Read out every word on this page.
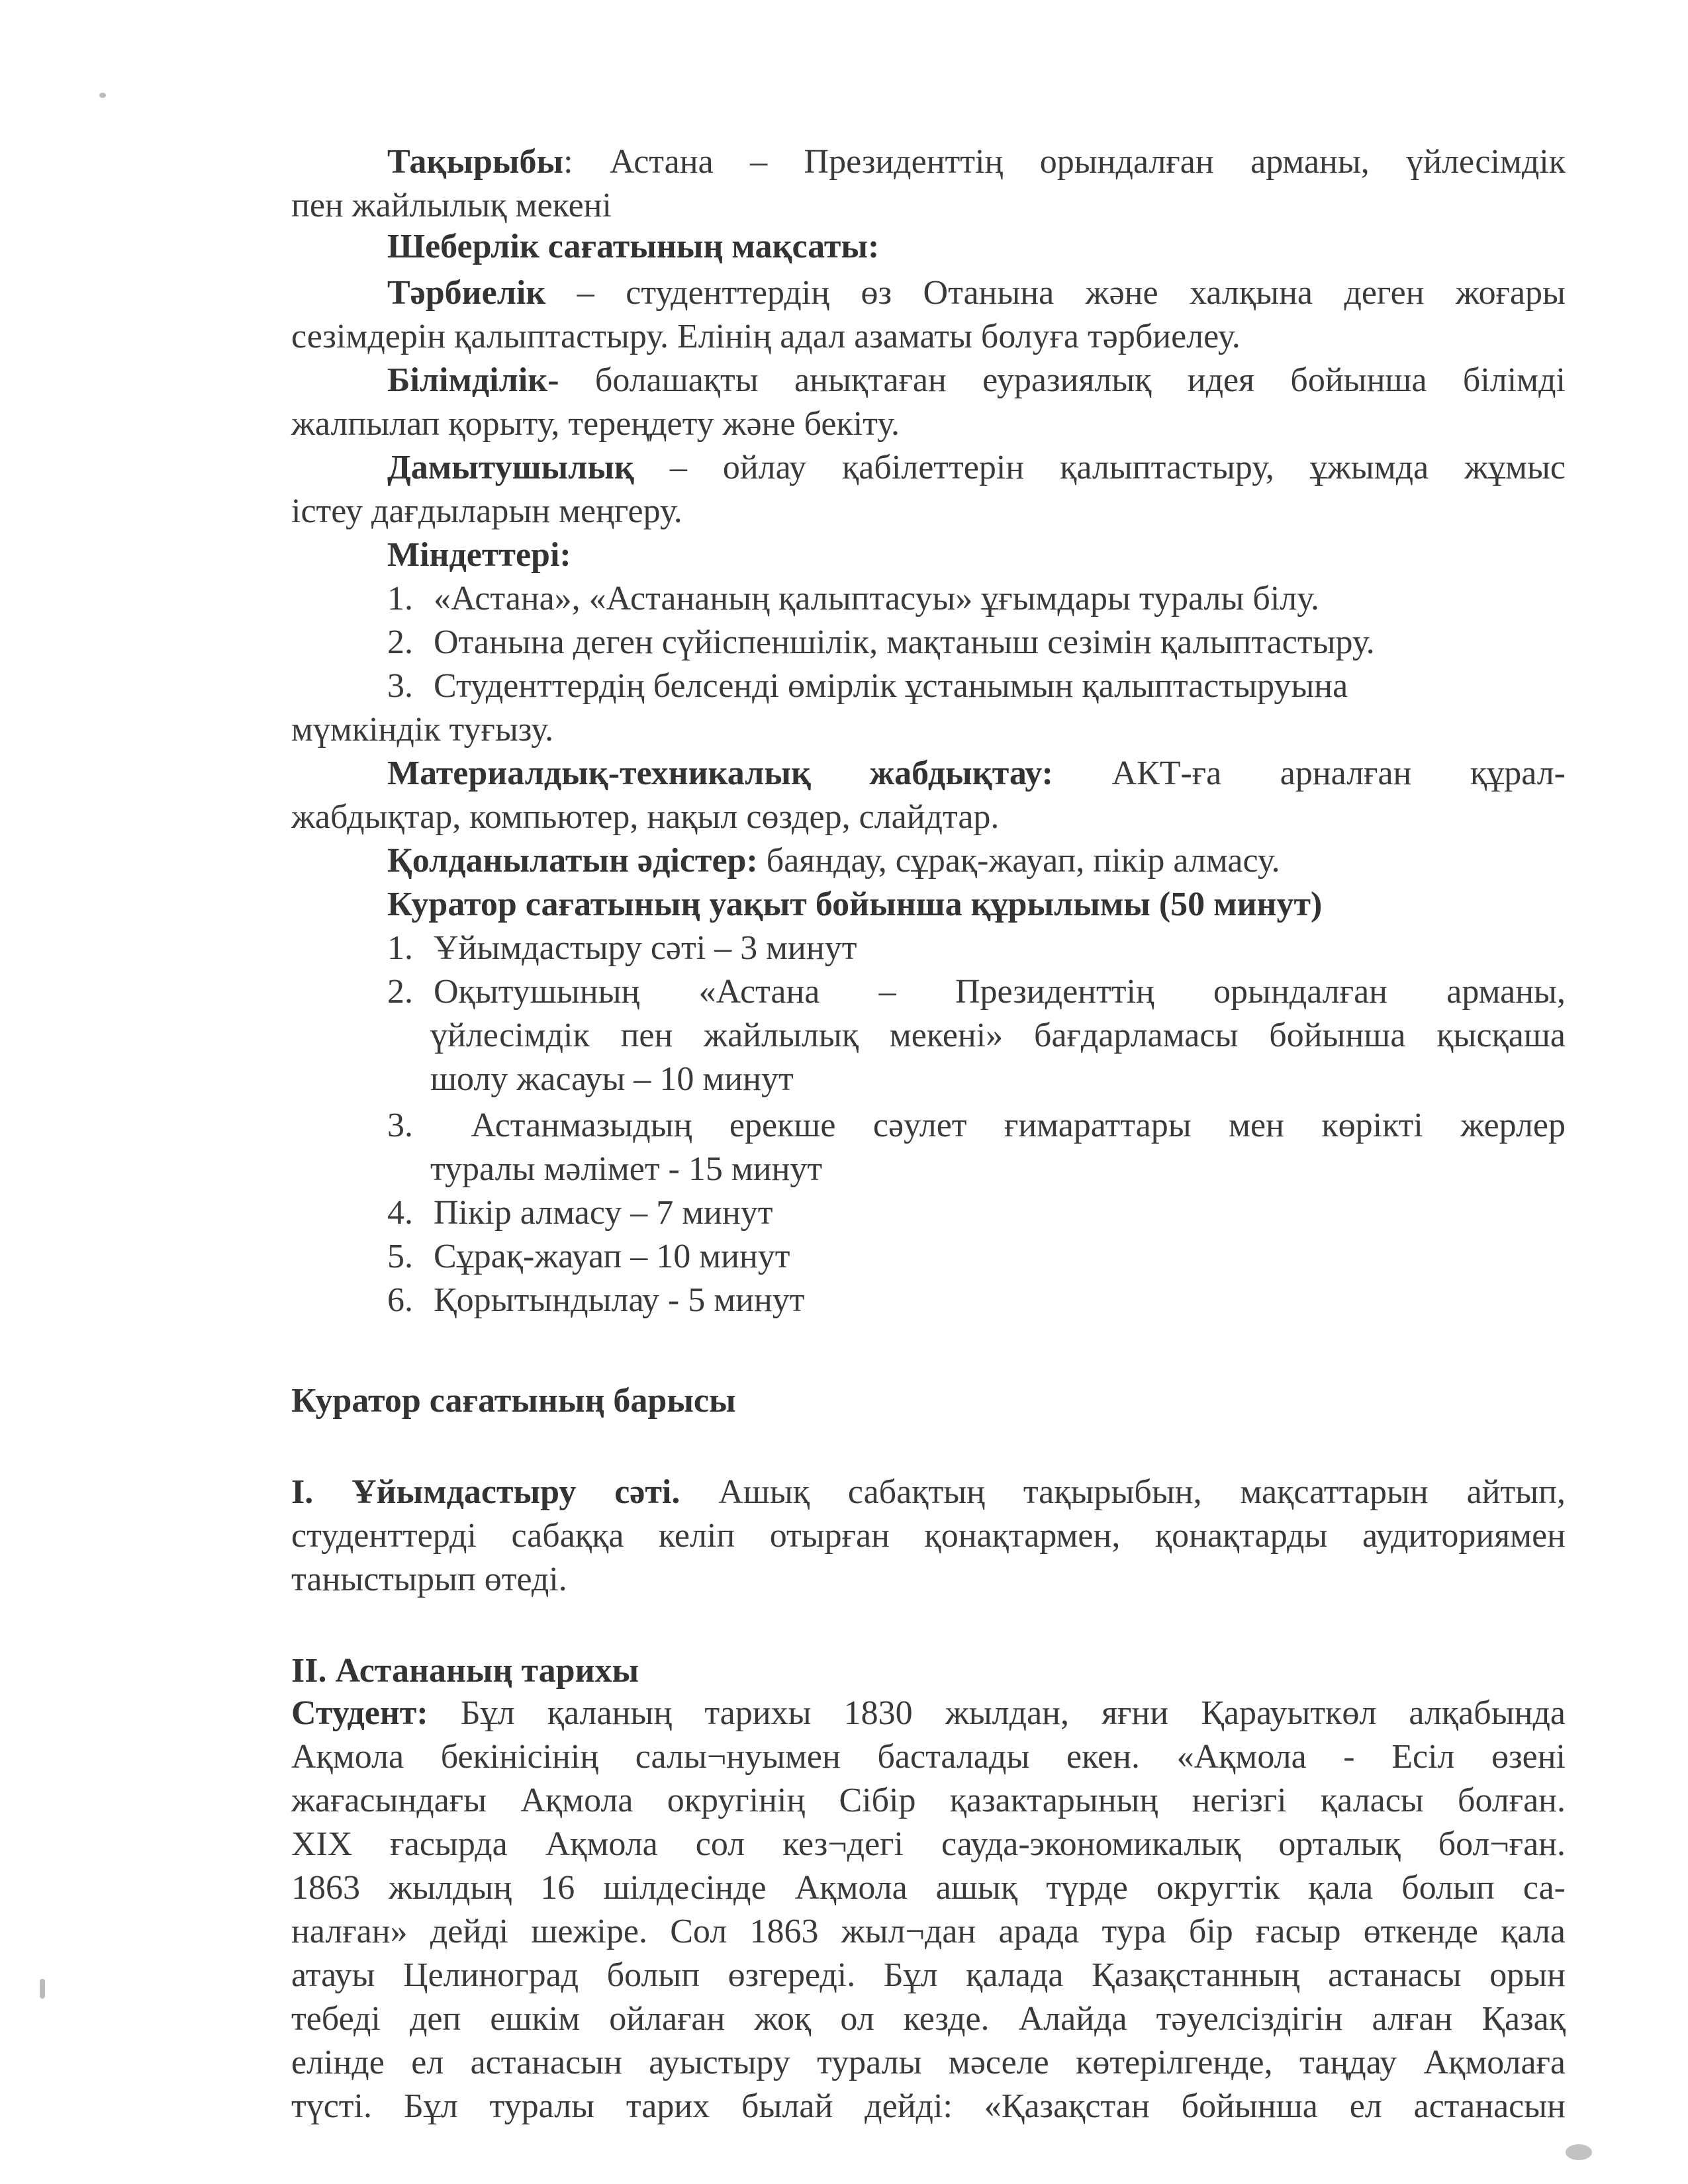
Тақырыбы: Астана – Президенттің орындалған арманы, үйлесімдік
пен жайлылық мекені
Шеберлік сағатының мақсаты:
Тәрбиелік – студенттердің өз Отанына және халқына деген жоғары
сезімдерін қалыптастыру. Елінің адал азаматы болуға тәрбиелеу.
Білімділік- болашақты анықтаған еуразиялық идея бойынша білімді
жалпылап қорыту, тереңдету және бекіту.
Дамытушылық – ойлау қабілеттерін қалыптастыру, ұжымда жұмыс
істеу дағдыларын меңгеру.
Міндеттері:
1. «Астана», «Астананың қалыптасуы» ұғымдары туралы білу.
2. Отанына деген сүйіспеншілік, мақтаныш сезімін қалыптастыру.
3. Студенттердің белсенді өмірлік ұстанымын қалыптастыруына
мүмкіндік туғызу.
Материалдық-техникалық жабдықтау: АКТ-ға арналған құрал-
жабдықтар, компьютер, нақыл сөздер, слайдтар.
Қолданылатын әдістер: баяндау, сұрақ-жауап, пікір алмасу.
Куратор сағатының уақыт бойынша құрылымы (50 минут)
1. Ұйымдастыру сәті – 3 минут
2. Оқытушының «Астана – Президенттің орындалған арманы,
үйлесімдік пен жайлылық мекені» бағдарламасы бойынша қысқаша
шолу жасауы – 10 минут
3. Астанмазыдың ерекше сәулет ғимараттары мен көрікті жерлер
туралы мәлімет - 15 минут
4. Пікір алмасу – 7 минут
5. Сұрақ-жауап – 10 минут
6. Қорытындылау - 5 минут
Куратор сағатының барысы
І. Ұйымдастыру сәті. Ашық сабақтың тақырыбын, мақсаттарын айтып,
студенттерді сабаққа келіп отырған қонақтармен, қонақтарды аудиториямен
таныстырып өтеді.
ІІ. Астананың тарихы
Студент: Бұл қаланың тарихы 1830 жылдан, яғни Қарауыткөл алқабында
Ақмола бекінісінің салы¬нуымен басталады екен. «Ақмола - Есіл өзені
жағасындағы Ақмола округінің Сібір қазактарының негізгі қаласы болған.
XIX ғасырда Ақмола сол кез¬дегі сауда-экономикалық орталық бол¬ған.
1863 жылдың 16 шілдесінде Ақмола ашық түрде округтік қала болып са-
налған» дейді шежіре. Сол 1863 жыл¬дан арада тура бір ғасыр өткенде қала
атауы Целиноград болып өзгереді. Бұл қалада Қазақстанның астанасы орын
тебеді деп ешкім ойлаған жоқ ол кезде. Алайда тәуелсіздігін алған Қазақ
елінде ел астанасын ауыстыру туралы мәселе көтерілгенде, таңдау Ақмолаға
түсті. Бұл туралы тарих былай дейді: «Қазақстан бойынша ел астанасын
